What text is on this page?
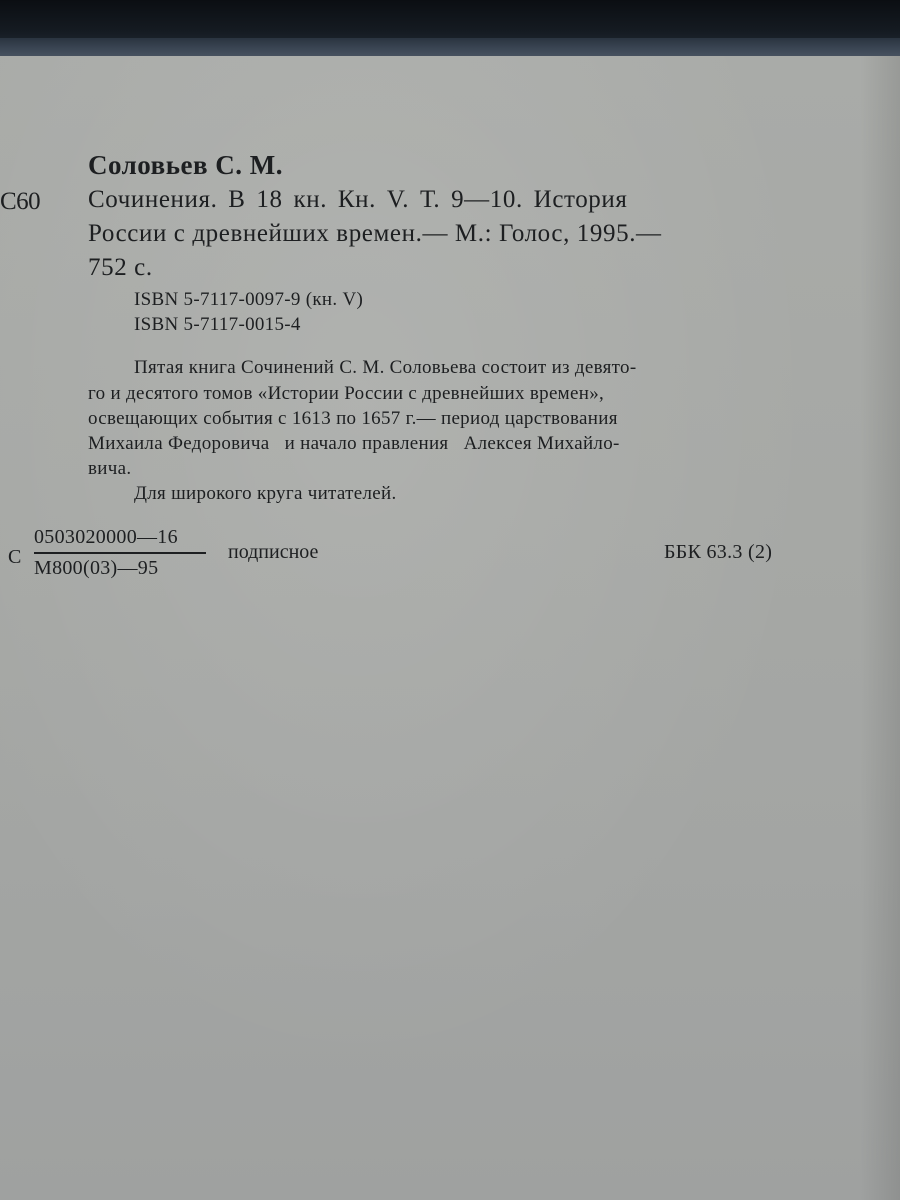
Соловьев С. М.
С60 Сочинения. В 18 кн. Кн. V. Т. 9—10. История
России с древнейших времен.— М.: Голос, 1995.—
752 с.
ISBN 5-7117-0097-9 (кн. V)
ISBN 5-7117-0015-4
Пятая книга Сочинений С. М. Соловьева состоит из девято-
го и десятого томов «Истории России с древнейших времен»,
освещающих события с 1613 по 1657 г.— период царствования
Михаила Федоровича   и начало правления   Алексея Михайло-
вича.
Для широкого круга читателей.
С
0503020000—16
М800(03)—95
подписное	ББК 63.3 (2)
